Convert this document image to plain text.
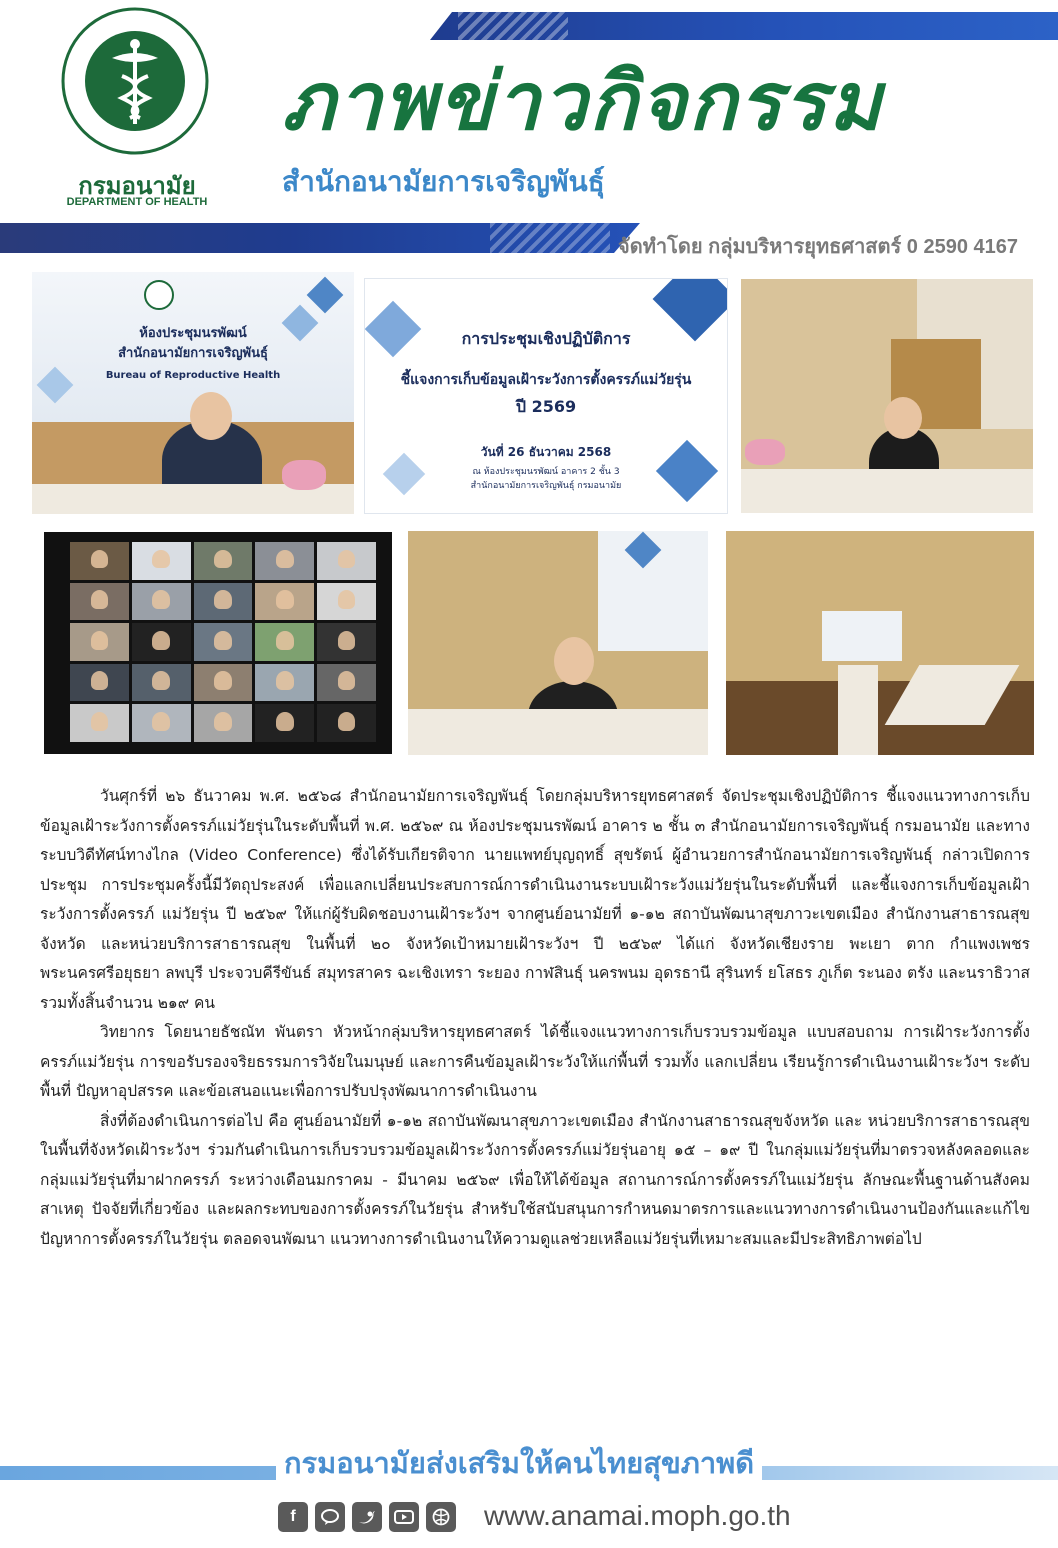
กรมอนามัย
DEPARTMENT OF HEALTH
ภาพข่าวกิจกรรม
สำนักอนามัยการเจริญพันธุ์
จัดทำโดย กลุ่มบริหารยุทธศาสตร์ 0 2590 4167
ห้องประชุมนรพัฒน์
สำนักอนามัยการเจริญพันธุ์
Bureau of Reproductive Health
การประชุมเชิงปฏิบัติการ
ชี้แจงการเก็บข้อมูลเฝ้าระวังการตั้งครรภ์แม่วัยรุ่น
ปี 2569
วันที่ 26 ธันวาคม 2568
ณ ห้องประชุมนรพัฒน์ อาคาร 2 ชั้น 3
สำนักอนามัยการเจริญพันธุ์ กรมอนามัย

วันศุกร์ที่ ๒๖ ธันวาคม พ.ศ. ๒๕๖๘ สำนักอนามัยการเจริญพันธุ์ โดยกลุ่มบริหารยุทธศาสตร์ จัดประชุมเชิงปฏิบัติการ ชี้แจงแนวทางการเก็บข้อมูลเฝ้าระวังการตั้งครรภ์แม่วัยรุ่นในระดับพื้นที่ พ.ศ. ๒๕๖๙ ณ ห้องประชุมนรพัฒน์ อาคาร ๒ ชั้น ๓ สำนักอนามัยการเจริญพันธุ์ กรมอนามัย และทางระบบวิดีทัศน์ทางไกล (Video Conference) ซึ่งได้รับเกียรติจาก นายแพทย์บุญฤทธิ์ สุขรัตน์ ผู้อำนวยการสำนักอนามัยการเจริญพันธุ์ กล่าวเปิดการประชุม การประชุมครั้งนี้มีวัตถุประสงค์ เพื่อแลกเปลี่ยนประสบการณ์การดำเนินงานระบบเฝ้าระวังแม่วัยรุ่นในระดับพื้นที่ และชี้แจงการเก็บข้อมูลเฝ้าระวังการตั้งครรภ์ แม่วัยรุ่น ปี ๒๕๖๙ ให้แก่ผู้รับผิดชอบงานเฝ้าระวังฯ จากศูนย์อนามัยที่ ๑-๑๒ สถาบันพัฒนาสุขภาวะเขตเมือง สำนักงานสาธารณสุขจังหวัด และหน่วยบริการสาธารณสุข ในพื้นที่ ๒๐ จังหวัดเป้าหมายเฝ้าระวังฯ ปี ๒๕๖๙ ได้แก่ จังหวัดเชียงราย พะเยา ตาก กำแพงเพชร พระนครศรีอยุธยา ลพบุรี ประจวบคีรีขันธ์ สมุทรสาคร ฉะเชิงเทรา ระยอง กาฬสินธุ์ นครพนม อุดรธานี สุรินทร์ ยโสธร ภูเก็ต ระนอง ตรัง และนราธิวาส รวมทั้งสิ้นจำนวน ๒๑๙ คน

วิทยากร โดยนายธัชณัท พันตรา หัวหน้ากลุ่มบริหารยุทธศาสตร์ ได้ชี้แจงแนวทางการเก็บรวบรวมข้อมูล แบบสอบถาม การเฝ้าระวังการตั้งครรภ์แม่วัยรุ่น การขอรับรองจริยธรรมการวิจัยในมนุษย์ และการคืนข้อมูลเฝ้าระวังให้แก่พื้นที่ รวมทั้ง แลกเปลี่ยน เรียนรู้การดำเนินงานเฝ้าระวังฯ ระดับพื้นที่ ปัญหาอุปสรรค และข้อเสนอแนะเพื่อการปรับปรุงพัฒนาการดำเนินงาน

สิ่งที่ต้องดำเนินการต่อไป คือ ศูนย์อนามัยที่ ๑-๑๒ สถาบันพัฒนาสุขภาวะเขตเมือง สำนักงานสาธารณสุขจังหวัด และ หน่วยบริการสาธารณสุขในพื้นที่จังหวัดเฝ้าระวังฯ ร่วมกันดำเนินการเก็บรวบรวมข้อมูลเฝ้าระวังการตั้งครรภ์แม่วัยรุ่นอายุ ๑๕ – ๑๙ ปี ในกลุ่มแม่วัยรุ่นที่มาตรวจหลังคลอดและกลุ่มแม่วัยรุ่นที่มาฝากครรภ์ ระหว่างเดือนมกราคม - มีนาคม ๒๕๖๙ เพื่อให้ได้ข้อมูล สถานการณ์การตั้งครรภ์ในแม่วัยรุ่น ลักษณะพื้นฐานด้านสังคม สาเหตุ ปัจจัยที่เกี่ยวข้อง และผลกระทบของการตั้งครรภ์ในวัยรุ่น สำหรับใช้สนับสนุนการกำหนดมาตรการและแนวทางการดำเนินงานป้องกันและแก้ไขปัญหาการตั้งครรภ์ในวัยรุ่น ตลอดจนพัฒนา แนวทางการดำเนินงานให้ความดูแลช่วยเหลือแม่วัยรุ่นที่เหมาะสมและมีประสิทธิภาพต่อไป

กรมอนามัยส่งเสริมให้คนไทยสุขภาพดี
f	www.anamai.moph.go.th
